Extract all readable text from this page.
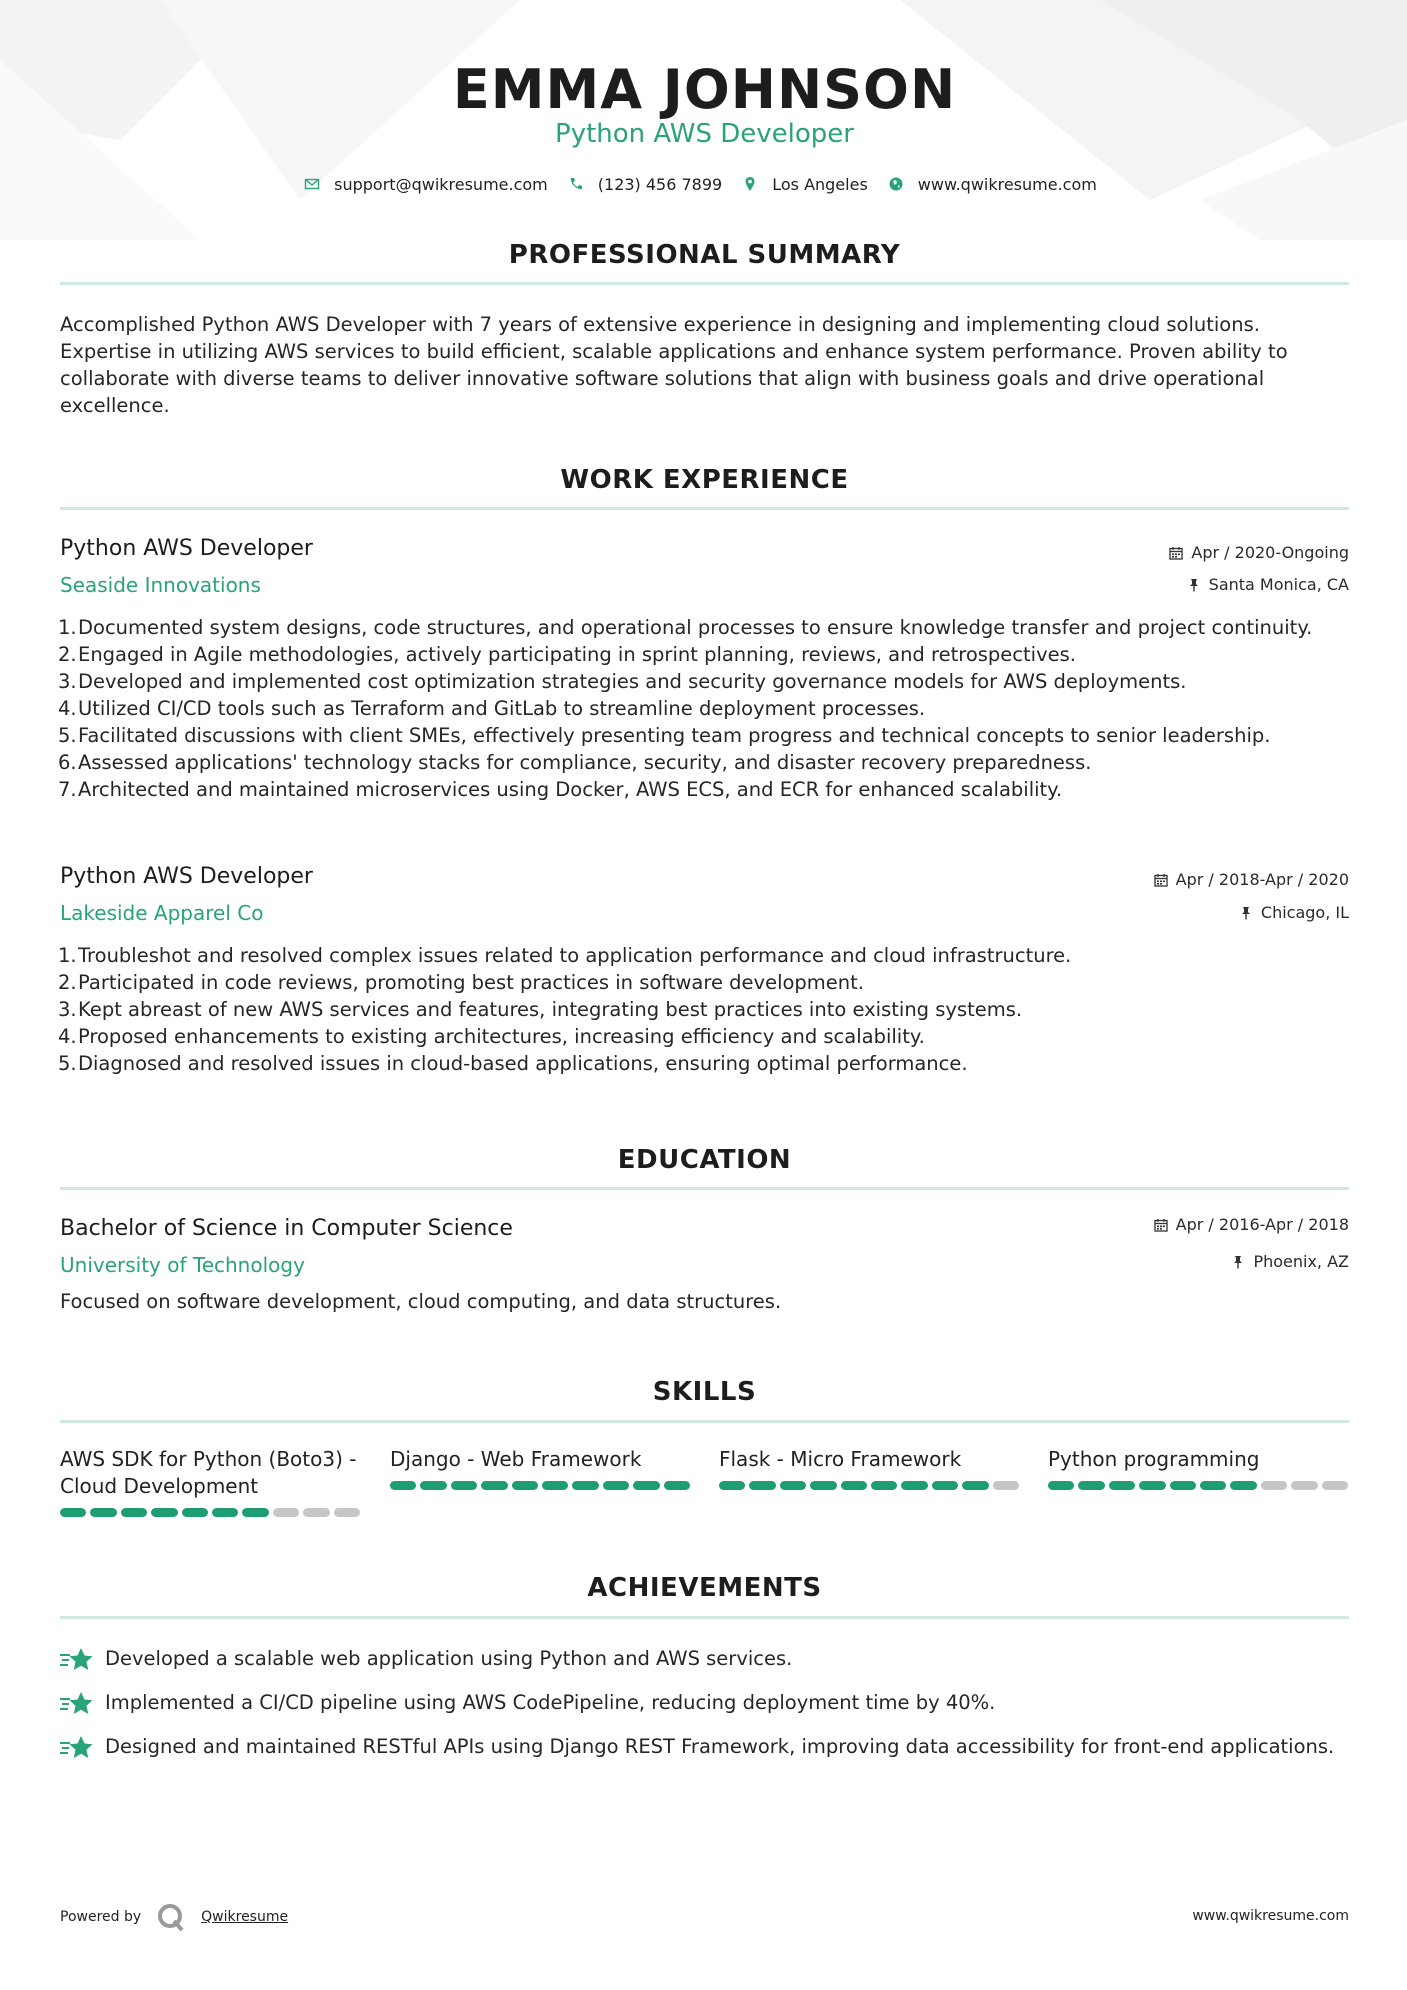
EMMA JOHNSON
Python AWS Developer
support@qwikresume.com	(123) 456 7899	Los Angeles	www.qwikresume.com
PROFESSIONAL SUMMARY
Accomplished Python AWS Developer with 7 years of extensive experience in designing and implementing cloud solutions. Expertise in utilizing AWS services to build efficient, scalable applications and enhance system performance. Proven ability to collaborate with diverse teams to deliver innovative software solutions that align with business goals and drive operational excellence.
WORK EXPERIENCE
Python AWS Developer
Seaside Innovations
Apr / 2020-Ongoing
Santa Monica, CA
1. Documented system designs, code structures, and operational processes to ensure knowledge transfer and project continuity.
2. Engaged in Agile methodologies, actively participating in sprint planning, reviews, and retrospectives.
3. Developed and implemented cost optimization strategies and security governance models for AWS deployments.
4. Utilized CI/CD tools such as Terraform and GitLab to streamline deployment processes.
5. Facilitated discussions with client SMEs, effectively presenting team progress and technical concepts to senior leadership.
6. Assessed applications' technology stacks for compliance, security, and disaster recovery preparedness.
7. Architected and maintained microservices using Docker, AWS ECS, and ECR for enhanced scalability.
Python AWS Developer
Lakeside Apparel Co
Apr / 2018-Apr / 2020
Chicago, IL
1. Troubleshot and resolved complex issues related to application performance and cloud infrastructure.
2. Participated in code reviews, promoting best practices in software development.
3. Kept abreast of new AWS services and features, integrating best practices into existing systems.
4. Proposed enhancements to existing architectures, increasing efficiency and scalability.
5. Diagnosed and resolved issues in cloud-based applications, ensuring optimal performance.
EDUCATION
Bachelor of Science in Computer Science
University of Technology
Apr / 2016-Apr / 2018
Phoenix, AZ
Focused on software development, cloud computing, and data structures.
SKILLS
AWS SDK for Python (Boto3) - Cloud Development
Django - Web Framework	Flask - Micro Framework	Python programming
ACHIEVEMENTS
Developed a scalable web application using Python and AWS services.
Implemented a CI/CD pipeline using AWS CodePipeline, reducing deployment time by 40%.
Designed and maintained RESTful APIs using Django REST Framework, improving data accessibility for front-end applications.
Powered by	Qwikresume	www.qwikresume.com
